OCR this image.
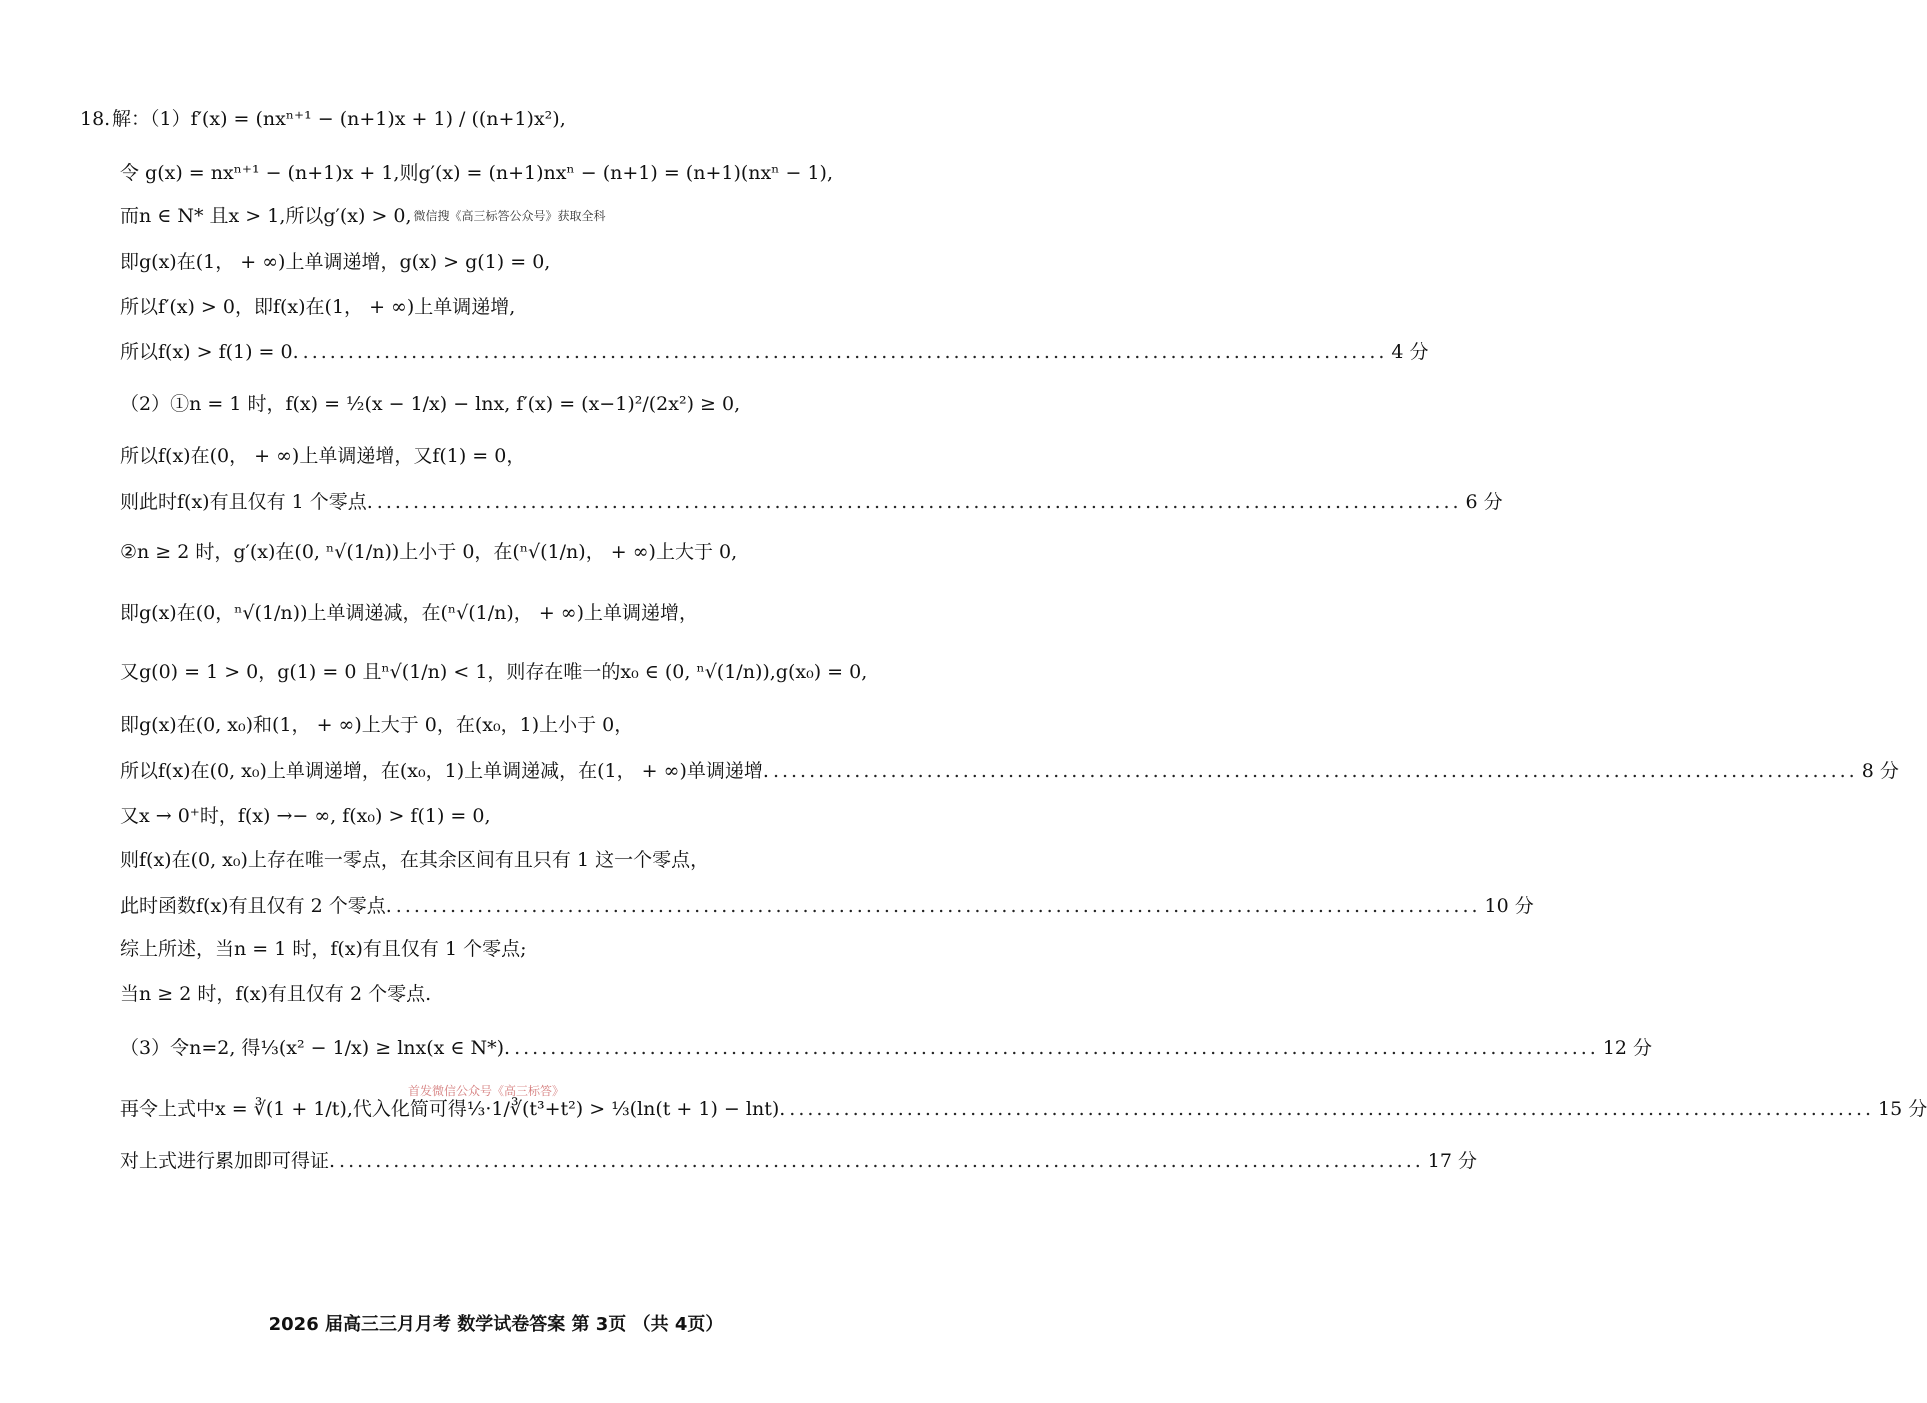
18. 解：（1）f′(x) = (nxⁿ⁺¹ − (n+1)x + 1) / ((n+1)x²),
令 g(x) = nxⁿ⁺¹ − (n+1)x + 1,则g′(x) = (n+1)nxⁿ − (n+1) = (n+1)(nxⁿ − 1),
而n ∈ N* 且x > 1,所以g′(x) > 0, 微信搜《高三标答公众号》获取全科
即g(x)在(1， + ∞)上单调递增，g(x) > g(1) = 0,
所以f′(x) > 0，即f(x)在(1， + ∞)上单调递增,
所以f(x) > f(1) = 0. ........................................................................................................................ 4 分
（2）①n = 1 时，f(x) = ½(x − 1/x) − lnx, f′(x) = (x−1)²/(2x²) ≥ 0,
所以f(x)在(0， + ∞)上单调递增，又f(1) = 0，
则此时f(x)有且仅有 1 个零点. ........................................................................................................................ 6 分
②n ≥ 2 时，g′(x)在(0, ⁿ√(1/n))上小于 0，在(ⁿ√(1/n)， + ∞)上大于 0,
即g(x)在(0，ⁿ√(1/n))上单调递减，在(ⁿ√(1/n)， + ∞)上单调递增，
又g(0) = 1 > 0，g(1) = 0 且ⁿ√(1/n) < 1，则存在唯一的x₀ ∈ (0, ⁿ√(1/n)),g(x₀) = 0,
即g(x)在(0, x₀)和(1， + ∞)上大于 0，在(x₀，1)上小于 0，
所以f(x)在(0, x₀)上单调递增，在(x₀，1)上单调递减，在(1， + ∞)单调递增. ........................................................................................................................ 8 分
又x → 0⁺时，f(x) →− ∞, f(x₀) > f(1) = 0,
则f(x)在(0, x₀)上存在唯一零点，在其余区间有且只有 1 这一个零点，
此时函数f(x)有且仅有 2 个零点. ........................................................................................................................ 10 分
综上所述，当n = 1 时，f(x)有且仅有 1 个零点;
当n ≥ 2 时，f(x)有且仅有 2 个零点.
（3）令n=2, 得⅓(x² − 1/x) ≥ lnx(x ∈ N*). ........................................................................................................................ 12 分
首发微信公众号《高三标答》
再令上式中x = ∛(1 + 1/t),代入化简可得⅓·1/∛(t³+t²) > ⅓(ln(t + 1) − lnt). ........................................................................................................................ 15 分
对上式进行累加即可得证. ........................................................................................................................ 17 分
2026 届高三三月月考 数学试卷答案 第 3页 （共 4页）
